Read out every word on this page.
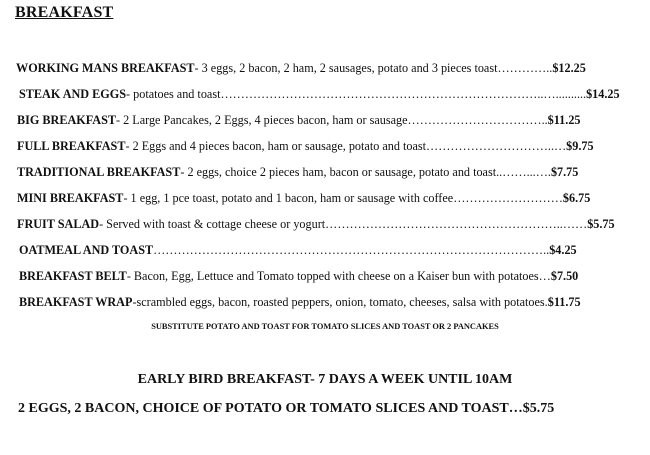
BREAKFAST
WORKING MANS BREAKFAST- 3 eggs, 2 bacon, 2 ham, 2 sausages, potato and 3 pieces toast…………..$12.25
STEAK AND EGGS- potatoes and toast……………………………………………………………………..…..........$14.25
BIG BREAKFAST- 2 Large Pancakes, 2 Eggs, 4 pieces bacon, ham or sausage……………………………..$11.25
FULL BREAKFAST- 2 Eggs and 4 pieces bacon, ham or sausage, potato and toast…………………………..…$9.75
TRADITIONAL BREAKFAST- 2 eggs, choice 2 pieces ham, bacon or sausage, potato and toast..……...….$7.75
MINI BREAKFAST- 1 egg, 1 pce toast, potato and 1 bacon, ham or sausage with coffee………………………$6.75
FRUIT SALAD- Served with toast & cottage cheese or yogurt…………………………………………………..……$5.75
OATMEAL AND TOAST……………………………………………………………………………………..$4.25
BREAKFAST BELT- Bacon, Egg, Lettuce and Tomato topped with cheese on a Kaiser bun with potatoes…$7.50
BREAKFAST WRAP-scrambled eggs, bacon, roasted peppers, onion, tomato, cheeses, salsa with potatoes.$11.75
SUBSTITUTE POTATO AND TOAST FOR TOMATO SLICES AND TOAST OR 2 PANCAKES
EARLY BIRD BREAKFAST- 7 DAYS A WEEK UNTIL 10AM
2 EGGS, 2 BACON, CHOICE OF POTATO OR TOMATO SLICES AND TOAST…$5.75
